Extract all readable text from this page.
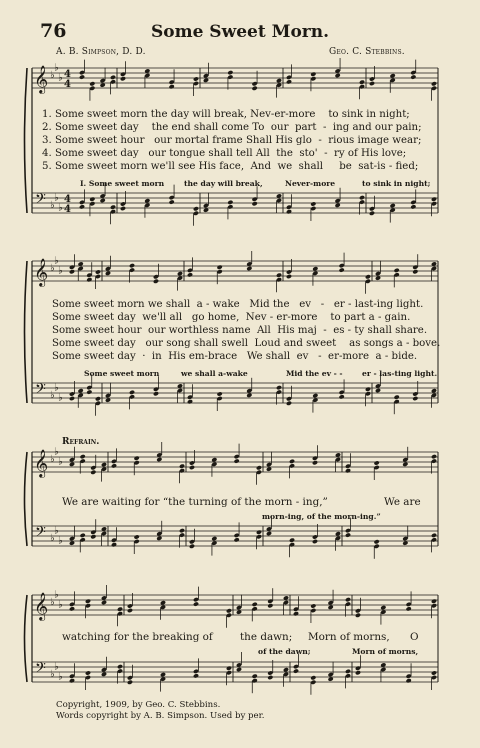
76	Some Sweet Morn.
A. B. Simpson, D. D.	Geo. C. Stebbins.
1. Some sweet morn the day will break, Nev-er-more    to sink in night;
2. Some sweet day    the end shall come To  our  part  -  ing and our pain;
3. Some sweet hour   our mortal frame Shall His glo  -  rious image wear;
4. Some sweet day   our tongue shall tell All  the  sto'  -  ry of His love;
5. Some sweet morn we'll see His face,  And  we  shall     be  sat-is - fied;
I. Some sweet morn	the day will break,	Never-more	to sink in night;
Some sweet morn we shall  a - wake   Mid the   ev   -   er - last-ing light.
Some sweet day  we'll all   go home,  Nev - er-more    to part a - gain.
Some sweet hour  our worthless name  All  His maj  -  es - ty shall share.
Some sweet day   our song shall swell  Loud and sweet    as songs a - bove.
Some sweet day  ·  in  His em-brace   We shall  ev   -  er-more  a - bide.
Some sweet morn	we shall a-wake	Mid the ev - -	er - las-ting light.
Refrain.
We are waiting for “the turning of the morn - ing,”	We are
morn-ing, of the morn-ing.”
watching for the breaking of	the dawn; Morn of morns, O
of the dawn;	Morn of morns,
Copyright, 1909, by Geo. C. Stebbins.
Words copyright by A. B. Simpson. Used by per.
𝄞
𝄢
♭
♭
♭
♭
♭
♭
4
4
4
4
𝄞
𝄢
♭
♭
♭
♭
♭
♭
𝄞
𝄢
♭
♭
♭
♭
♭
♭
𝄞
𝄢
♭
♭
♭
♭
♭
♭
